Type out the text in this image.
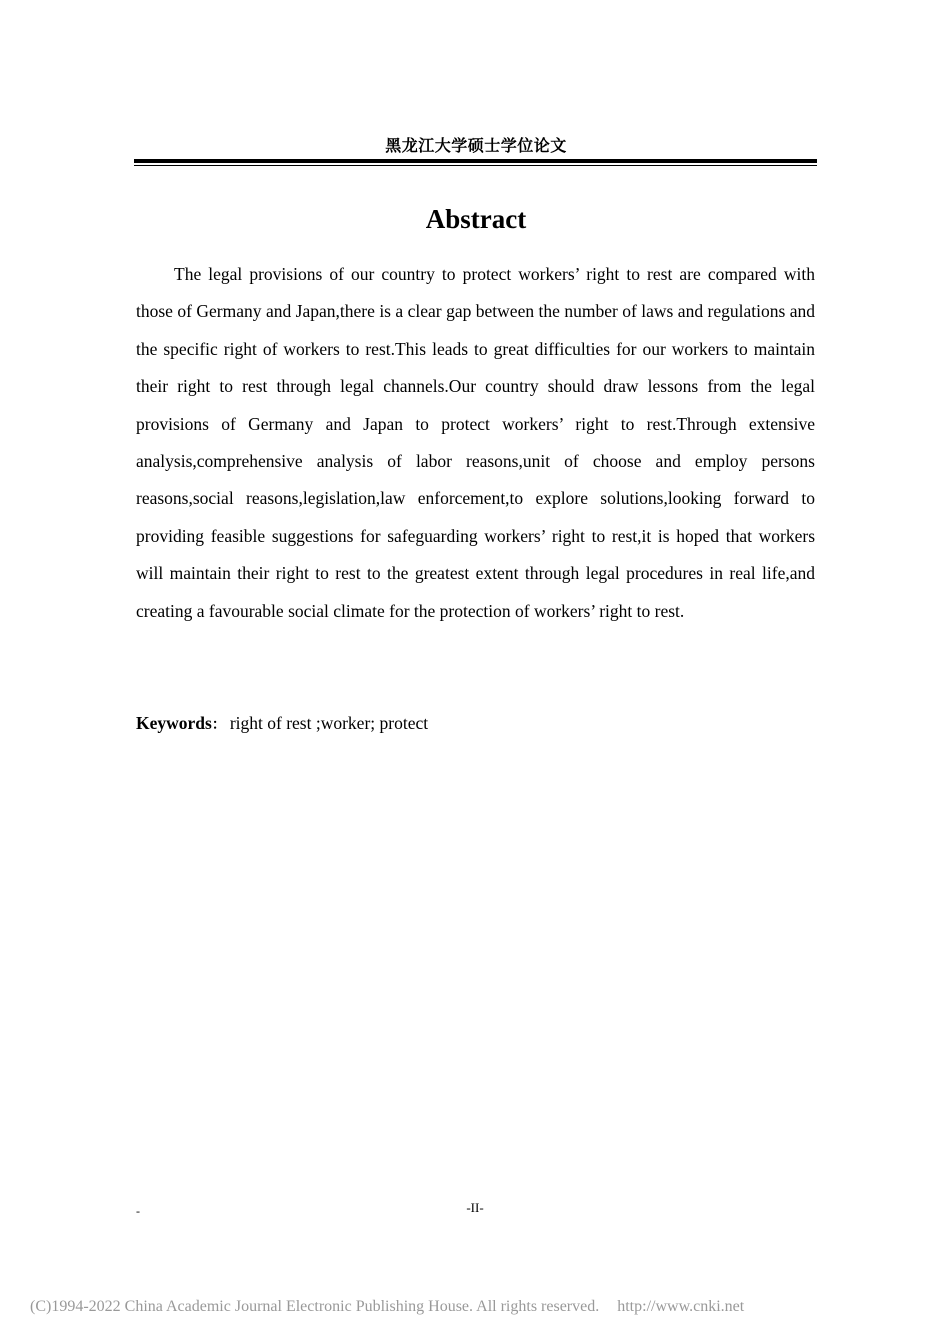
黑龙江大学硕士学位论文
Abstract

The legal provisions of our country to protect workers’ right to rest are compared with those of Germany and Japan,there is a clear gap between the number of laws and regulations and the specific right of workers to rest.This leads to great difficulties for our workers to maintain their right to rest through legal channels.Our country should draw lessons from the legal provisions of Germany and Japan to protect workers’ right to rest.Through extensive analysis,comprehensive analysis of labor reasons,unit of choose and employ persons reasons,social reasons,legislation,law enforcement,to explore solutions,looking forward to providing feasible suggestions for safeguarding workers’ right to rest,it is hoped that workers will maintain their right to rest to the greatest extent through legal procedures in real life,and creating a favourable social climate for the protection of workers’ right to rest.

Keywords： right of rest ;worker; protect
-	-II-
(C)1994-2022 China Academic Journal Electronic Publishing House. All rights reserved. http://www.cnki.net
